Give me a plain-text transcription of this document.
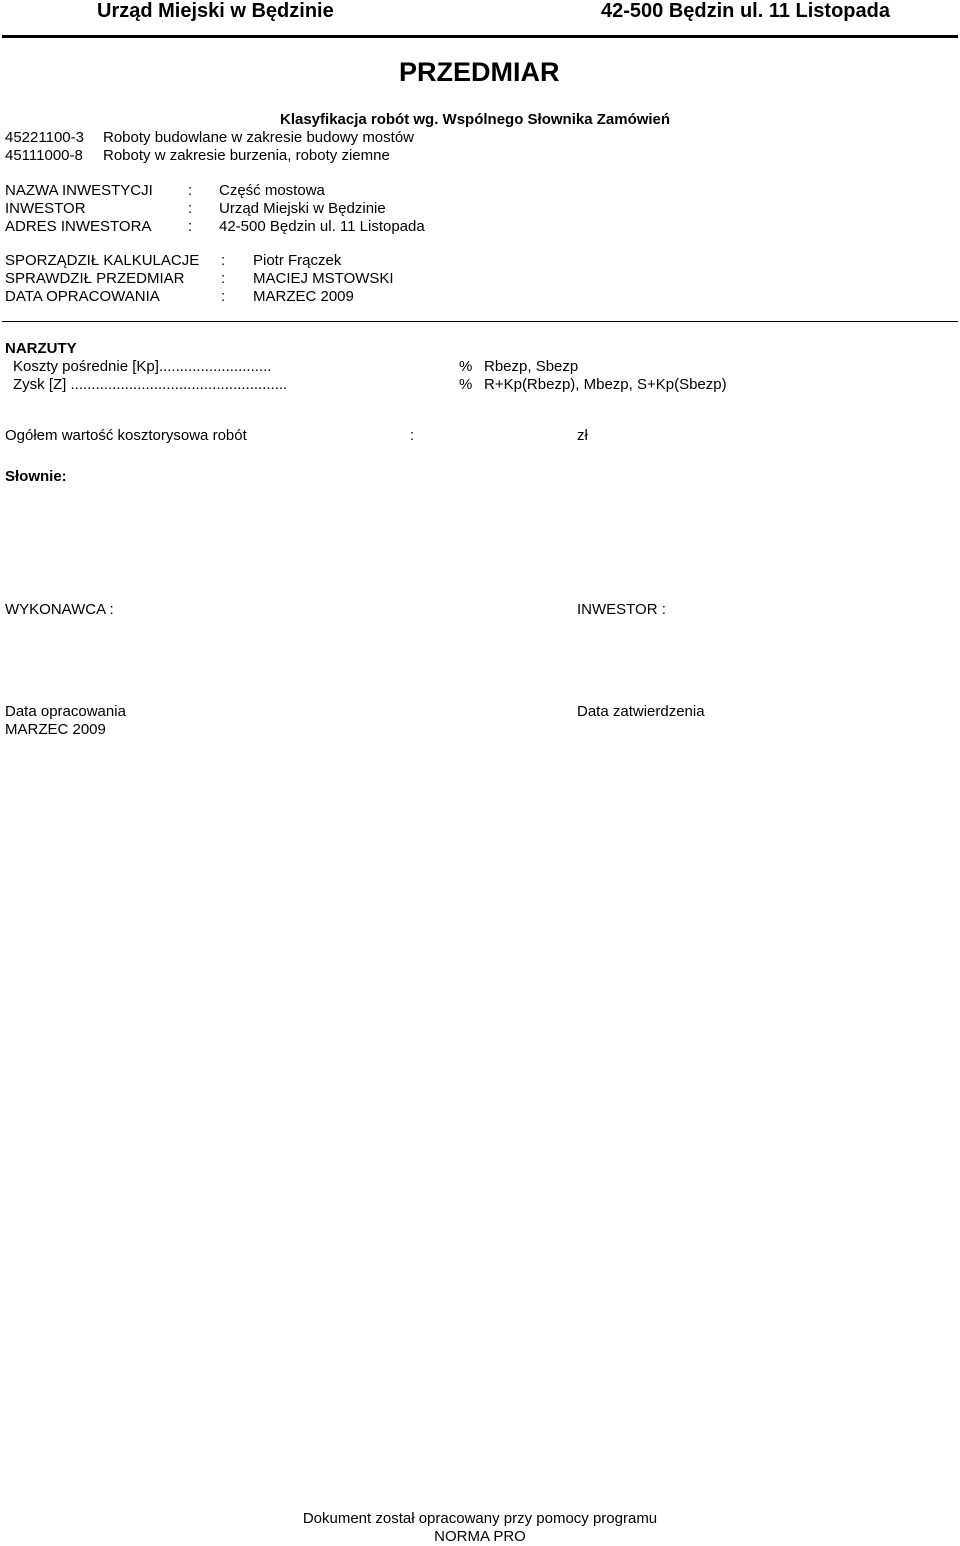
Urząd Miejski w Będzinie	42-500 Będzin ul. 11 Listopada
PRZEDMIAR
Klasyfikacja robót wg. Wspólnego Słownika Zamówień
45221100-3 Roboty budowlane w zakresie budowy mostów
45111000-8 Roboty w zakresie burzenia, roboty ziemne
NAZWA INWESTYCJI : Część mostowa
INWESTOR	: Urząd Miejski w Będzinie
ADRES INWESTORA : 42-500 Będzin ul. 11 Listopada
SPORZĄDZIŁ KALKULACJE : Piotr Frączek
SPRAWDZIŁ PRZEDMIAR : MACIEJ MSTOWSKI
DATA OPRACOWANIA	: MARZEC 2009
NARZUTY
Koszty pośrednie [Kp]...........................	% Rbezp, Sbezp
Zysk [Z] ....................................................	% R+Kp(Rbezp), Mbezp, S+Kp(Sbezp)
Ogółem wartość kosztorysowa robót	:	zł
Słownie:
WYKONAWCA :	INWESTOR :
Data opracowania
MARZEC 2009
Data zatwierdzenia
Dokument został opracowany przy pomocy programu
NORMA PRO
